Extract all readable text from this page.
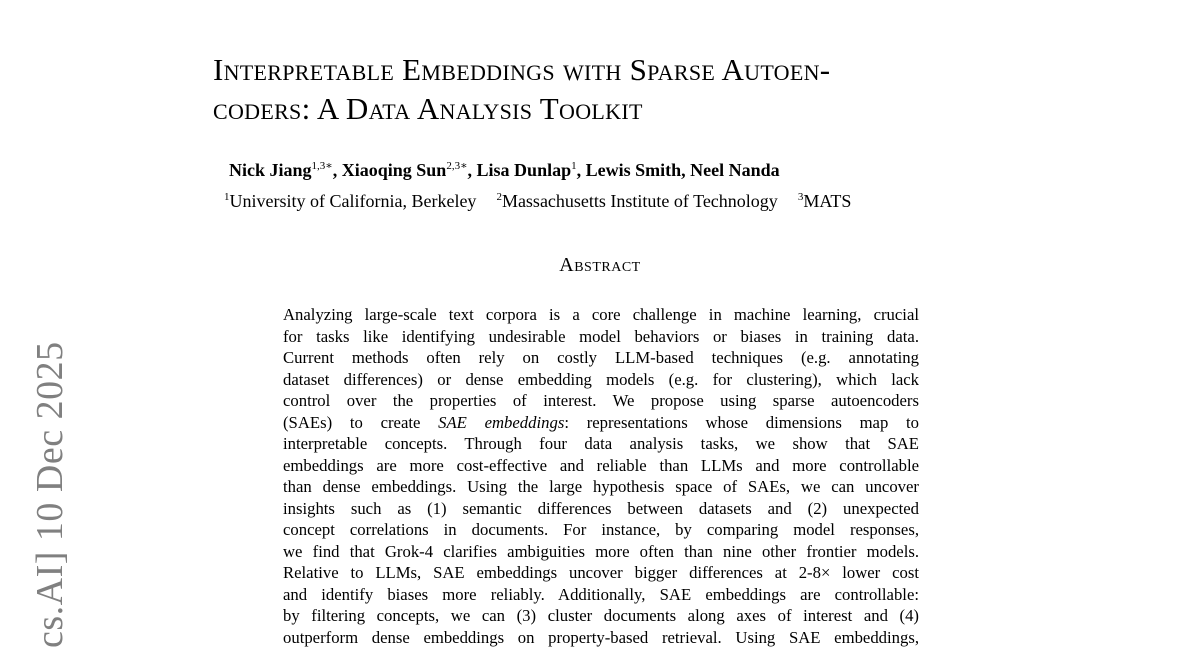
cs.AI] 10 Dec 2025
Interpretable Embeddings with Sparse Autoen-
coders: A Data Analysis Toolkit
Nick Jiang$^{1,3∗}$, Xiaoqing Sun$^{2,3∗}$, Lisa Dunlap$^1$, Lewis Smith, Neel Nanda
$^1$University of California, Berkeley $^2$Massachusetts Institute of Technology $^3$MATS
Abstract
Analyzing large-scale text corpora is a core challenge in machine learning, crucial
for tasks like identifying undesirable model behaviors or biases in training data.
Current methods often rely on costly LLM-based techniques (e.g. annotating
dataset differences) or dense embedding models (e.g. for clustering), which lack
control over the properties of interest. We propose using sparse autoencoders
(SAEs) to create SAE embeddings: representations whose dimensions map to
interpretable concepts. Through four data analysis tasks, we show that SAE
embeddings are more cost-effective and reliable than LLMs and more controllable
than dense embeddings. Using the large hypothesis space of SAEs, we can uncover
insights such as (1) semantic differences between datasets and (2) unexpected
concept correlations in documents. For instance, by comparing model responses,
we find that Grok-4 clarifies ambiguities more often than nine other frontier models.
Relative to LLMs, SAE embeddings uncover bigger differences at 2-8× lower cost
and identify biases more reliably. Additionally, SAE embeddings are controllable:
by filtering concepts, we can (3) cluster documents along axes of interest and (4)
outperform dense embeddings on property-based retrieval. Using SAE embeddings,
